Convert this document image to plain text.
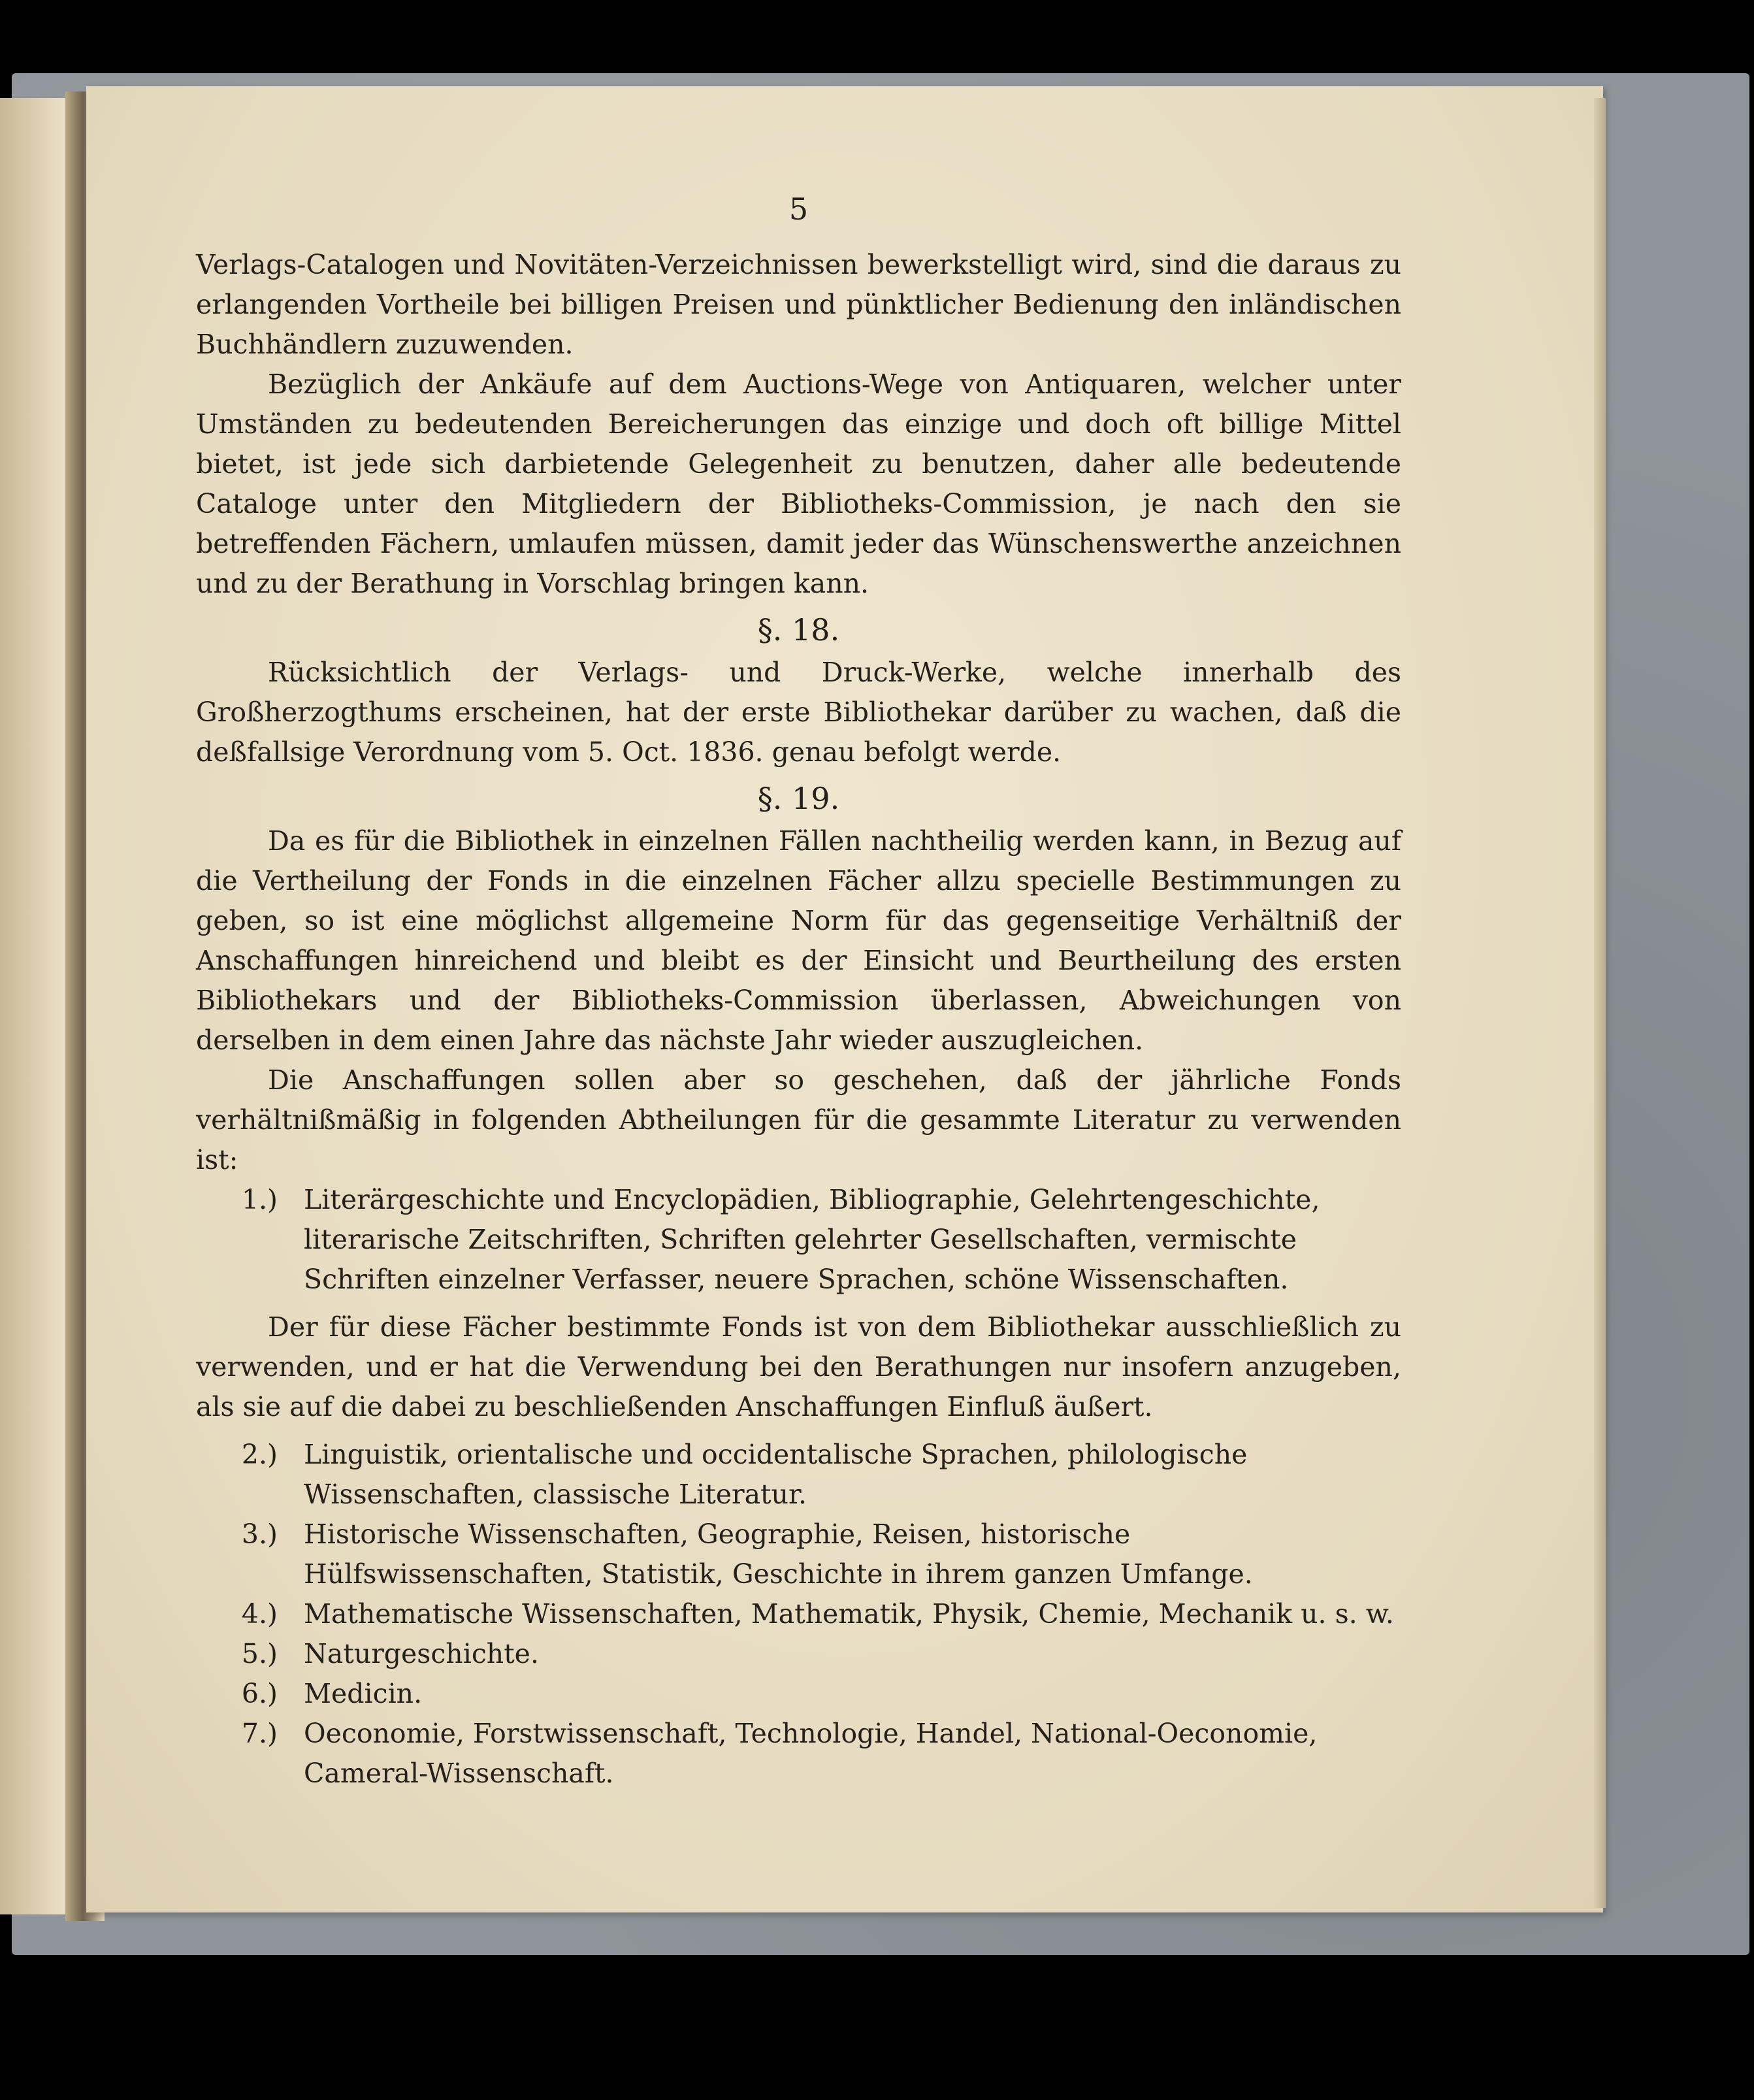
5

Verlags-Catalogen und Novitäten-Verzeichnissen bewerkstelligt wird, sind die daraus zu erlangenden Vortheile bei billigen Preisen und pünktlicher Bedienung den inländischen Buchhändlern zuzuwenden.

Bezüglich der Ankäufe auf dem Auctions-Wege von Antiquaren, welcher unter Umständen zu bedeutenden Bereicherungen das einzige und doch oft billige Mittel bietet, ist jede sich darbietende Gelegenheit zu benutzen, daher alle bedeutende Cataloge unter den Mitgliedern der Bibliotheks-Commission, je nach den sie betreffenden Fächern, umlaufen müssen, damit jeder das Wünschenswerthe anzeichnen und zu der Berathung in Vorschlag bringen kann.

§. 18.

Rücksichtlich der Verlags- und Druck-Werke, welche innerhalb des Großherzogthums erscheinen, hat der erste Bibliothekar darüber zu wachen, daß die deßfallsige Verordnung vom 5. Oct. 1836. genau befolgt werde.

§. 19.

Da es für die Bibliothek in einzelnen Fällen nachtheilig werden kann, in Bezug auf die Vertheilung der Fonds in die einzelnen Fächer allzu specielle Bestimmungen zu geben, so ist eine möglichst allgemeine Norm für das gegenseitige Verhältniß der Anschaffungen hinreichend und bleibt es der Einsicht und Beurtheilung des ersten Bibliothekars und der Bibliotheks-Commission überlassen, Abweichungen von derselben in dem einen Jahre das nächste Jahr wieder auszugleichen.

Die Anschaffungen sollen aber so geschehen, daß der jährliche Fonds verhältnißmäßig in folgenden Abtheilungen für die gesammte Literatur zu verwenden ist:

1.) Literärgeschichte und Encyclopädien, Bibliographie, Gelehrtengeschichte, literarische Zeitschriften, Schriften gelehrter Gesellschaften, vermischte Schriften einzelner Verfasser, neuere Sprachen, schöne Wissenschaften.

Der für diese Fächer bestimmte Fonds ist von dem Bibliothekar ausschließlich zu verwenden, und er hat die Verwendung bei den Berathungen nur insofern anzugeben, als sie auf die dabei zu beschließenden Anschaffungen Einfluß äußert.

2.) Linguistik, orientalische und occidentalische Sprachen, philologische Wissenschaften, classische Literatur.
3.) Historische Wissenschaften, Geographie, Reisen, historische Hülfswissenschaften, Statistik, Geschichte in ihrem ganzen Umfange.
4.) Mathematische Wissenschaften, Mathematik, Physik, Chemie, Mechanik u. s. w.
5.) Naturgeschichte.
6.) Medicin.
7.) Oeconomie, Forstwissenschaft, Technologie, Handel, National-Oeconomie, Cameral-Wissenschaft.
